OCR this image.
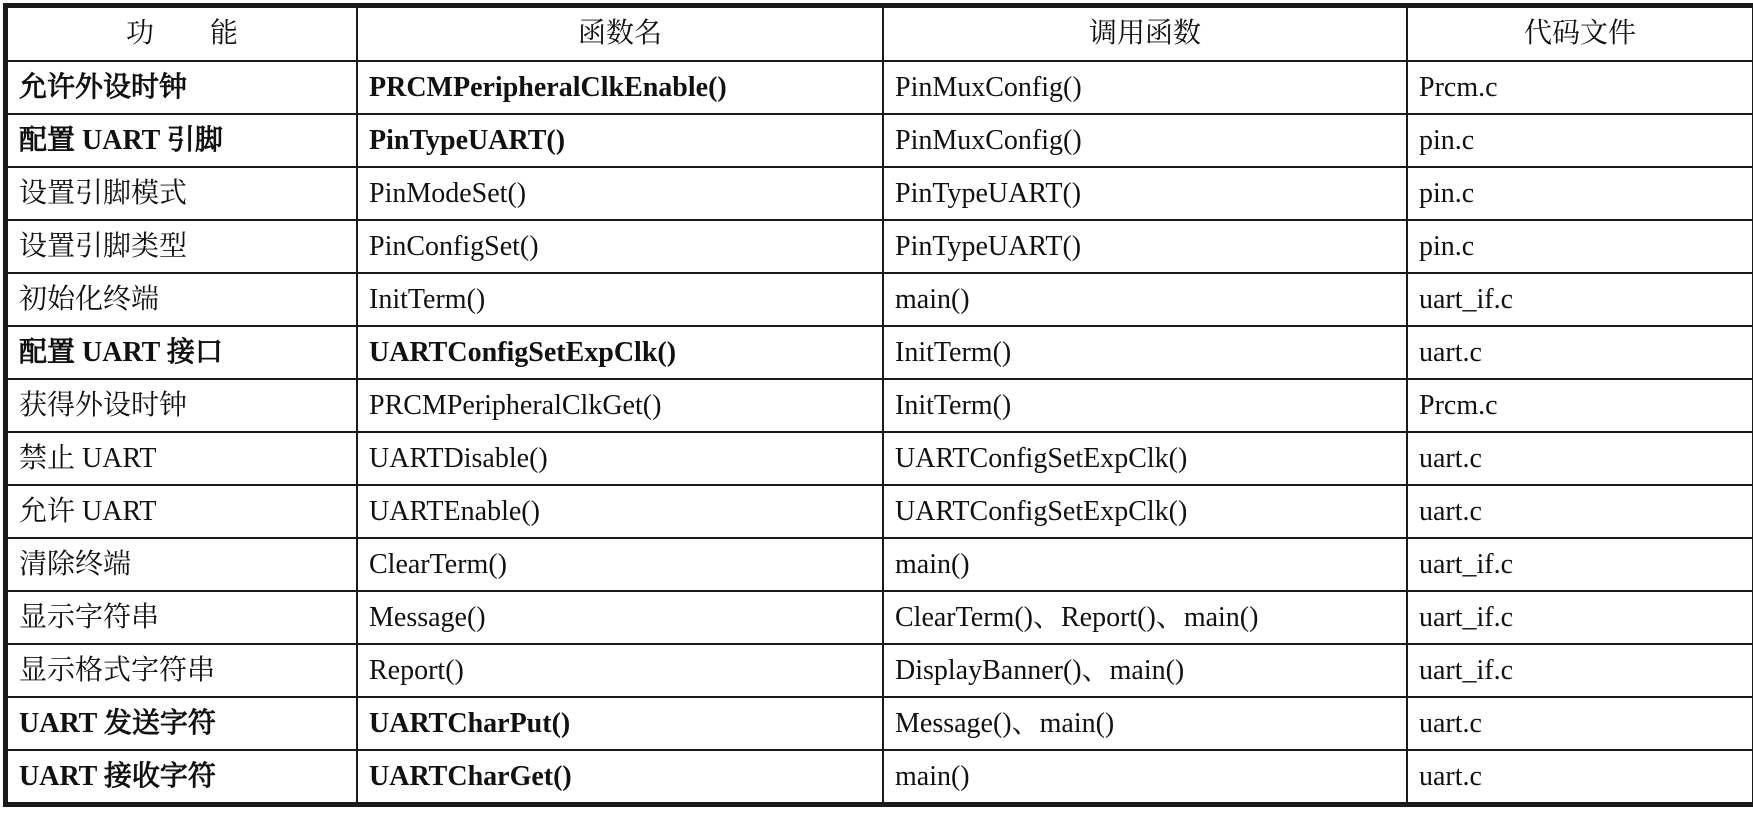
功　　能	函数名	调用函数	代码文件
允许外设时钟	PRCMPeripheralClkEnable()	PinMuxConfig()	Prcm.c
配置 UART 引脚	PinTypeUART()	PinMuxConfig()	pin.c
设置引脚模式	PinModeSet()	PinTypeUART()	pin.c
设置引脚类型	PinConfigSet()	PinTypeUART()	pin.c
初始化终端	InitTerm()	main()	uart_if.c
配置 UART 接口	UARTConfigSetExpClk()	InitTerm()	uart.c
获得外设时钟	PRCMPeripheralClkGet()	InitTerm()	Prcm.c
禁止 UART	UARTDisable()	UARTConfigSetExpClk()	uart.c
允许 UART	UARTEnable()	UARTConfigSetExpClk()	uart.c
清除终端	ClearTerm()	main()	uart_if.c
显示字符串	Message()	ClearTerm()、Report()、main()	uart_if.c
显示格式字符串	Report()	DisplayBanner()、main()	uart_if.c
UART 发送字符	UARTCharPut()	Message()、main()	uart.c
UART 接收字符	UARTCharGet()	main()	uart.c
